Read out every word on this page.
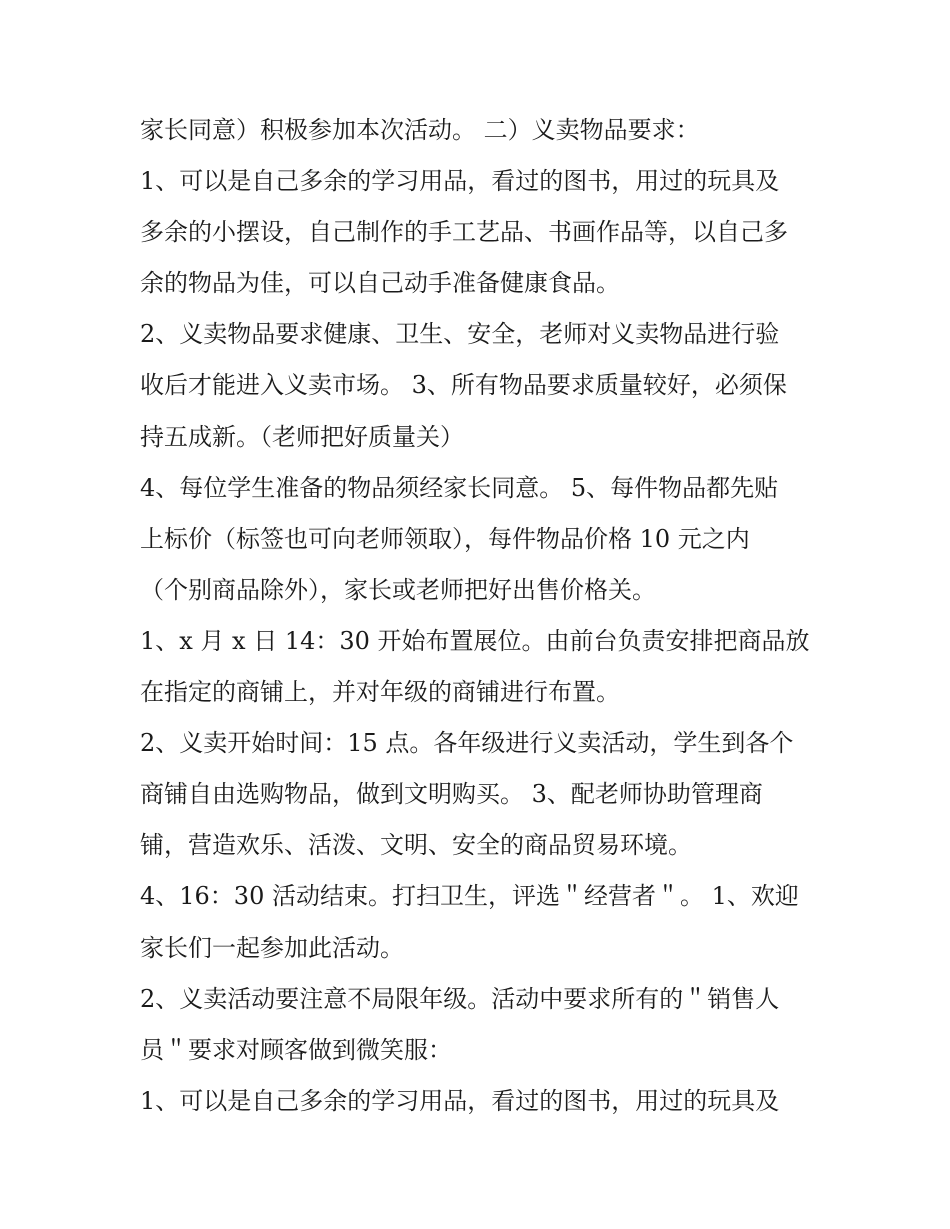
家长同意）积极参加本次活动。 二）义卖物品要求：
1、可以是自己多余的学习用品，看过的图书，用过的玩具及
多余的小摆设，自己制作的手工艺品、书画作品等，以自己多
余的物品为佳，可以自己动手准备健康食品。
2、义卖物品要求健康、卫生、安全，老师对义卖物品进行验
收后才能进入义卖市场。 3、所有物品要求质量较好，必须保
持五成新。（老师把好质量关）
4、每位学生准备的物品须经家长同意。 5、每件物品都先贴
上标价（标签也可向老师领取），每件物品价格 10 元之内
（个别商品除外），家长或老师把好出售价格关。
1、x 月 x 日 14：30 开始布置展位。由前台负责安排把商品放
在指定的商铺上，并对年级的商铺进行布置。
2、义卖开始时间：15 点。各年级进行义卖活动，学生到各个
商铺自由选购物品，做到文明购买。 3、配老师协助管理商
铺，营造欢乐、活泼、文明、安全的商品贸易环境。
4、16：30 活动结束。打扫卫生，评选＂经营者＂。 1、欢迎
家长们一起参加此活动。
2、义卖活动要注意不局限年级。活动中要求所有的＂销售人
员＂要求对顾客做到微笑服：
1、可以是自己多余的学习用品，看过的图书，用过的玩具及
